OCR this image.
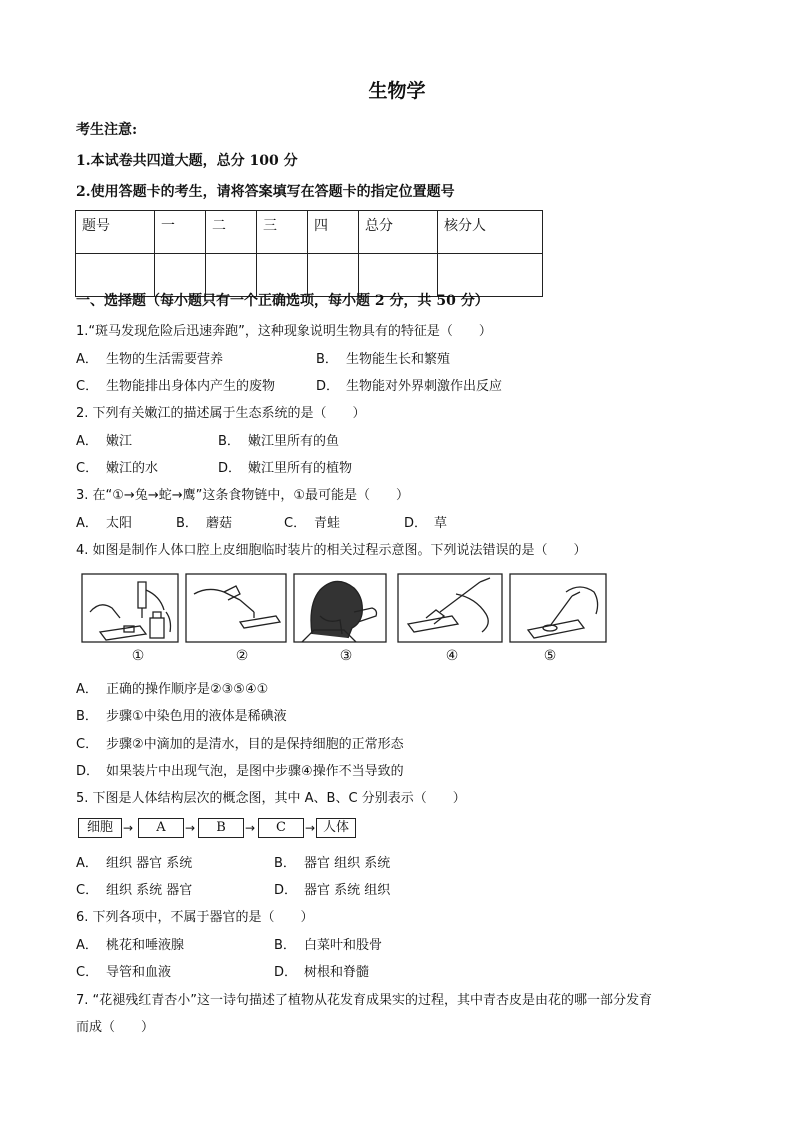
生物学
考生注意:
1.本试卷共四道大题，总分 100 分
2.使用答题卡的考生，请将答案填写在答题卡的指定位置题号
题号	一	二	三	四	总分	核分人

一、选择题（每小题只有一个正确选项，每小题 2 分，共 50 分）
1.“斑马发现危险后迅速奔跑”，这种现象说明生物具有的特征是（　　）
A． 生物的生活需要营养	B． 生物能生长和繁殖
C． 生物能排出身体内产生的废物	D． 生物能对外界刺激作出反应
2. 下列有关嫩江的描述属于生态系统的是（　　）
A． 嫩江	B． 嫩江里所有的鱼
C． 嫩江的水	D． 嫩江里所有的植物
3. 在“①→兔→蛇→鹰”这条食物链中，①最可能是（　　）
A． 太阳	B． 蘑菇	C． 青蛙	D． 草
4. 如图是制作人体口腔上皮细胞临时装片的相关过程示意图。下列说法错误的是（　　）
①	②	③	④	⑤
A． 正确的操作顺序是②③⑤④①
B． 步骤①中染色用的液体是稀碘液
C． 步骤②中滴加的是清水，目的是保持细胞的正常形态
D． 如果装片中出现气泡，是图中步骤④操作不当导致的
5. 下图是人体结构层次的概念图，其中 A、B、C 分别表示（　　）
细胞 →	A	→	B	→	C	→ 人体
A． 组织 器官 系统	B． 器官 组织 系统
C． 组织 系统 器官	D． 器官 系统 组织
6. 下列各项中，不属于器官的是（　　）
A． 桃花和唾液腺	B． 白菜叶和股骨
C． 导管和血液	D． 树根和脊髓
7. “花褪残红青杏小”这一诗句描述了植物从花发育成果实的过程，其中青杏皮是由花的哪一部分发育
而成（　　）
